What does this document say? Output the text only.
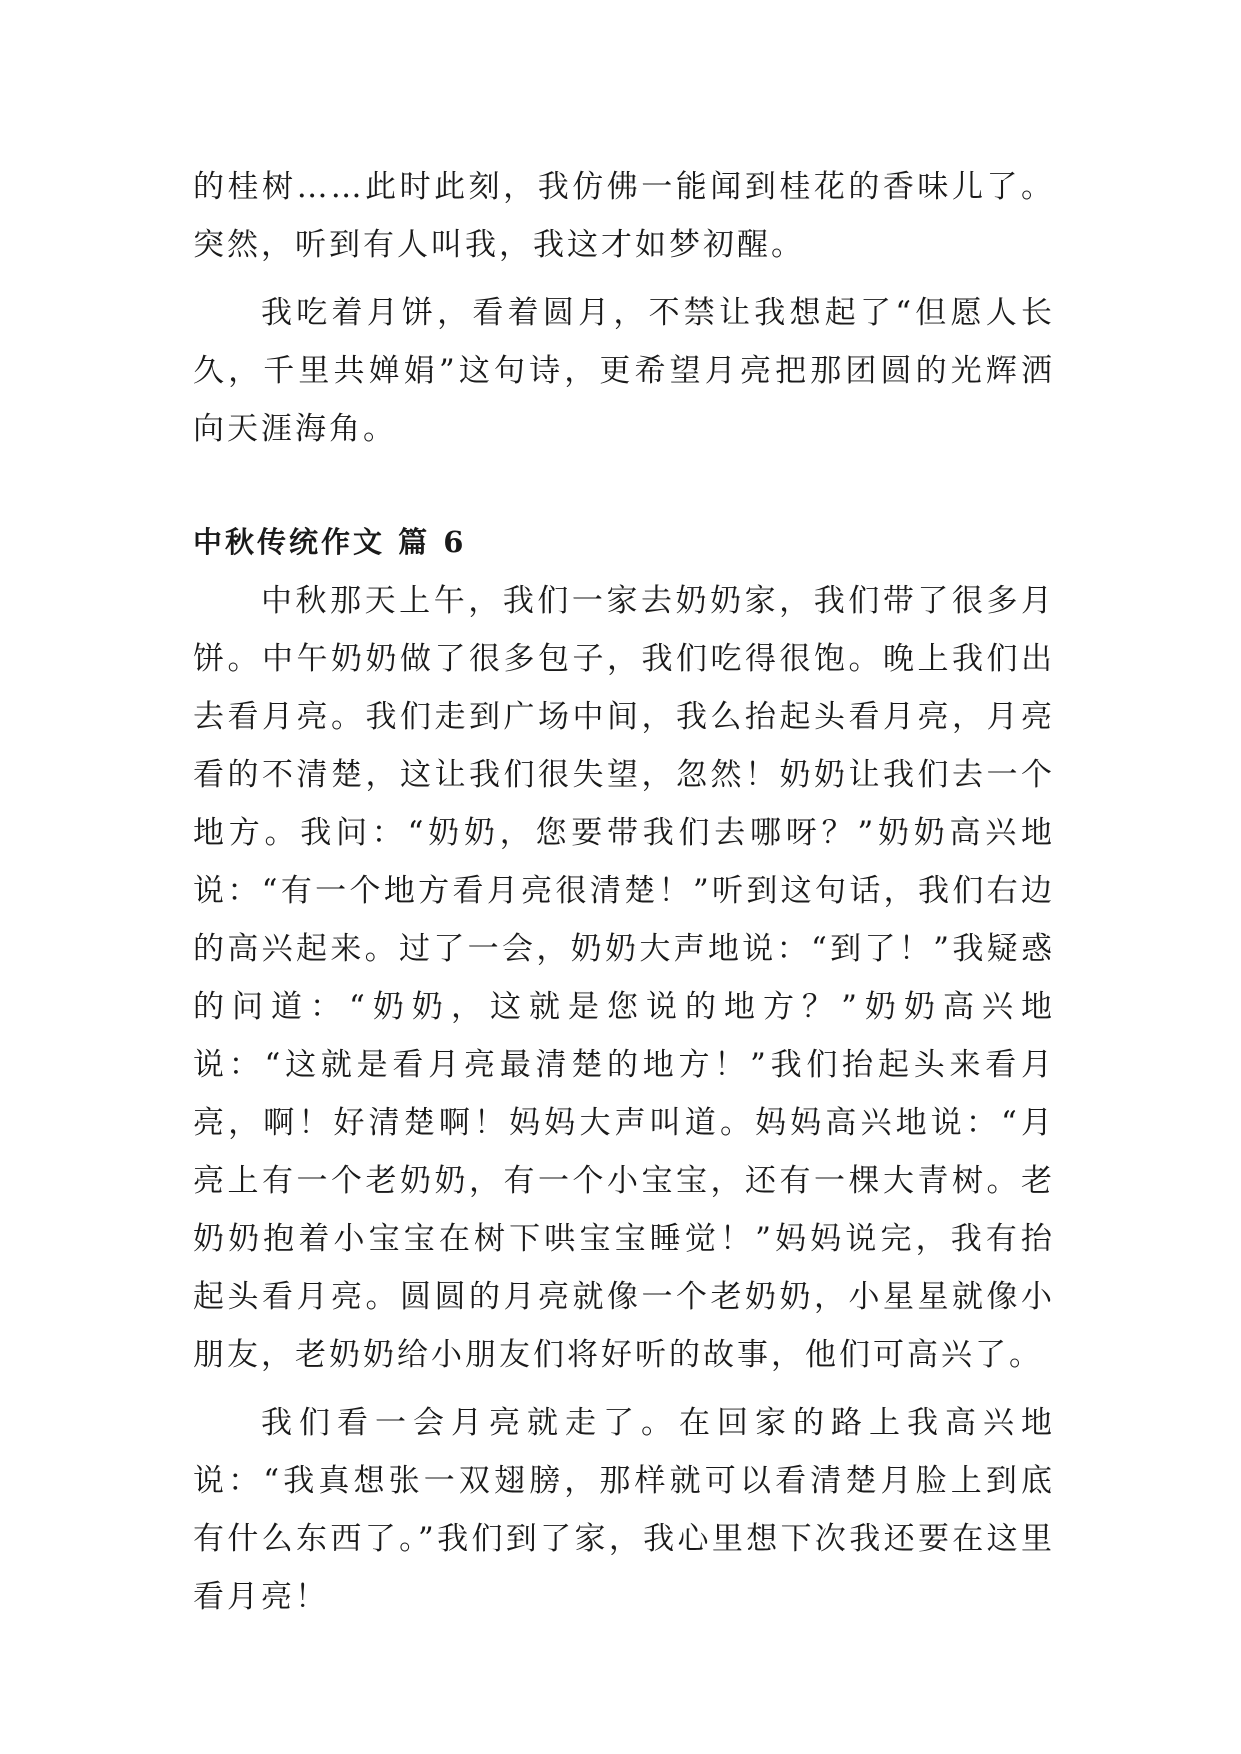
的桂树……此时此刻，我仿佛一能闻到桂花的香味儿了。突然，听到有人叫我，我这才如梦初醒。

我吃着月饼，看着圆月，不禁让我想起了“但愿人长久，千里共婵娟”这句诗，更希望月亮把那团圆的光辉洒向天涯海角。

中秋传统作文 篇 6

中秋那天上午，我们一家去奶奶家，我们带了很多月饼。中午奶奶做了很多包子，我们吃得很饱。晚上我们出去看月亮。我们走到广场中间，我么抬起头看月亮，月亮看的不清楚，这让我们很失望，忽然！奶奶让我们去一个地方。我问：“奶奶，您要带我们去哪呀？”奶奶高兴地说：“有一个地方看月亮很清楚！”听到这句话，我们右边的高兴起来。过了一会，奶奶大声地说：“到了！”我疑惑的问道：“奶奶，这就是您说的地方？”奶奶高兴地说：“这就是看月亮最清楚的地方！”我们抬起头来看月亮，啊！好清楚啊！妈妈大声叫道。妈妈高兴地说：“月亮上有一个老奶奶，有一个小宝宝，还有一棵大青树。老奶奶抱着小宝宝在树下哄宝宝睡觉！”妈妈说完，我有抬起头看月亮。圆圆的月亮就像一个老奶奶，小星星就像小朋友，老奶奶给小朋友们将好听的故事，他们可高兴了。

我们看一会月亮就走了。在回家的路上我高兴地说：“我真想张一双翅膀，那样就可以看清楚月脸上到底有什么东西了。”我们到了家，我心里想下次我还要在这里看月亮！
